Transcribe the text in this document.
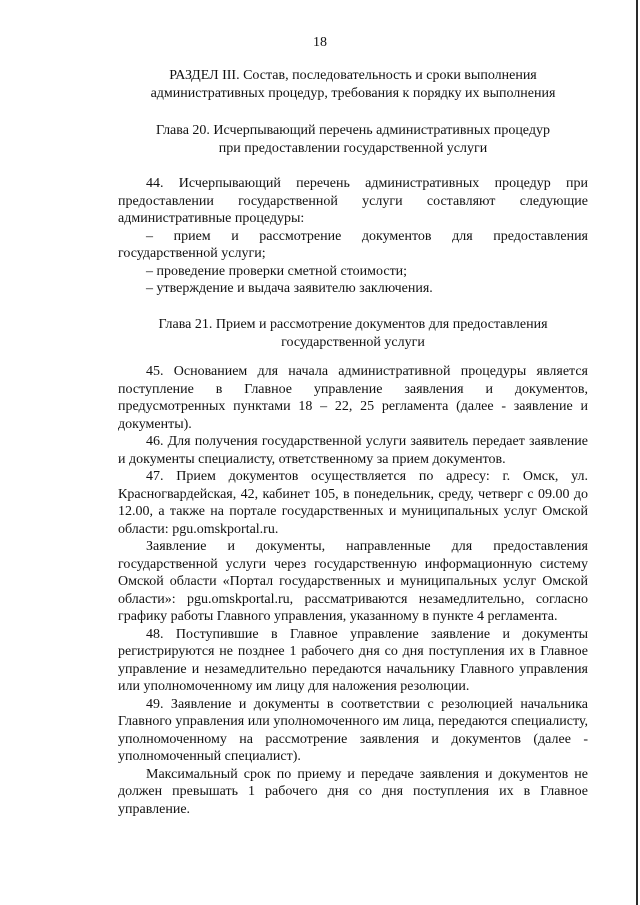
18

РАЗДЕЛ III. Состав, последовательность и сроки выполнения

административных процедур, требования к порядку их выполнения

Глава 20. Исчерпывающий перечень административных процедур

при предоставлении государственной услуги

44. Исчерпывающий перечень административных процедур при предоставлении государственной услуги составляют следующие административные процедуры:

– прием и рассмотрение документов для предоставления государственной услуги;

– проведение проверки сметной стоимости;

– утверждение и выдача заявителю заключения.

Глава 21. Прием и рассмотрение документов для предоставления

государственной услуги

45. Основанием для начала административной процедуры является поступление в Главное управление заявления и документов, предусмотренных пунктами 18 – 22, 25 регламента (далее - заявление и документы).

46. Для получения государственной услуги заявитель передает заявление и документы специалисту, ответственному за прием документов.

47. Прием документов осуществляется по адресу: г. Омск, ул. Красногвардейская, 42, кабинет 105, в понедельник, среду, четверг с 09.00 до 12.00, а также на портале государственных и муниципальных услуг Омской области: pgu.omskportal.ru.

Заявление и документы, направленные для предоставления государственной услуги через государственную информационную систему Омской области «Портал государственных и муниципальных услуг Омской области»: pgu.omskportal.ru, рассматриваются незамедлительно, согласно графику работы Главного управления, указанному в пункте 4 регламента.

48. Поступившие в Главное управление заявление и документы регистрируются не позднее 1 рабочего дня со дня поступления их в Главное управление и незамедлительно передаются начальнику Главного управления или уполномоченному им лицу для наложения резолюции.

49. Заявление и документы в соответствии с резолюцией начальника Главного управления или уполномоченного им лица, передаются специалисту, уполномоченному на рассмотрение заявления и документов (далее - уполномоченный специалист).

Максимальный срок по приему и передаче заявления и документов не должен превышать 1 рабочего дня со дня поступления их в Главное управление.
